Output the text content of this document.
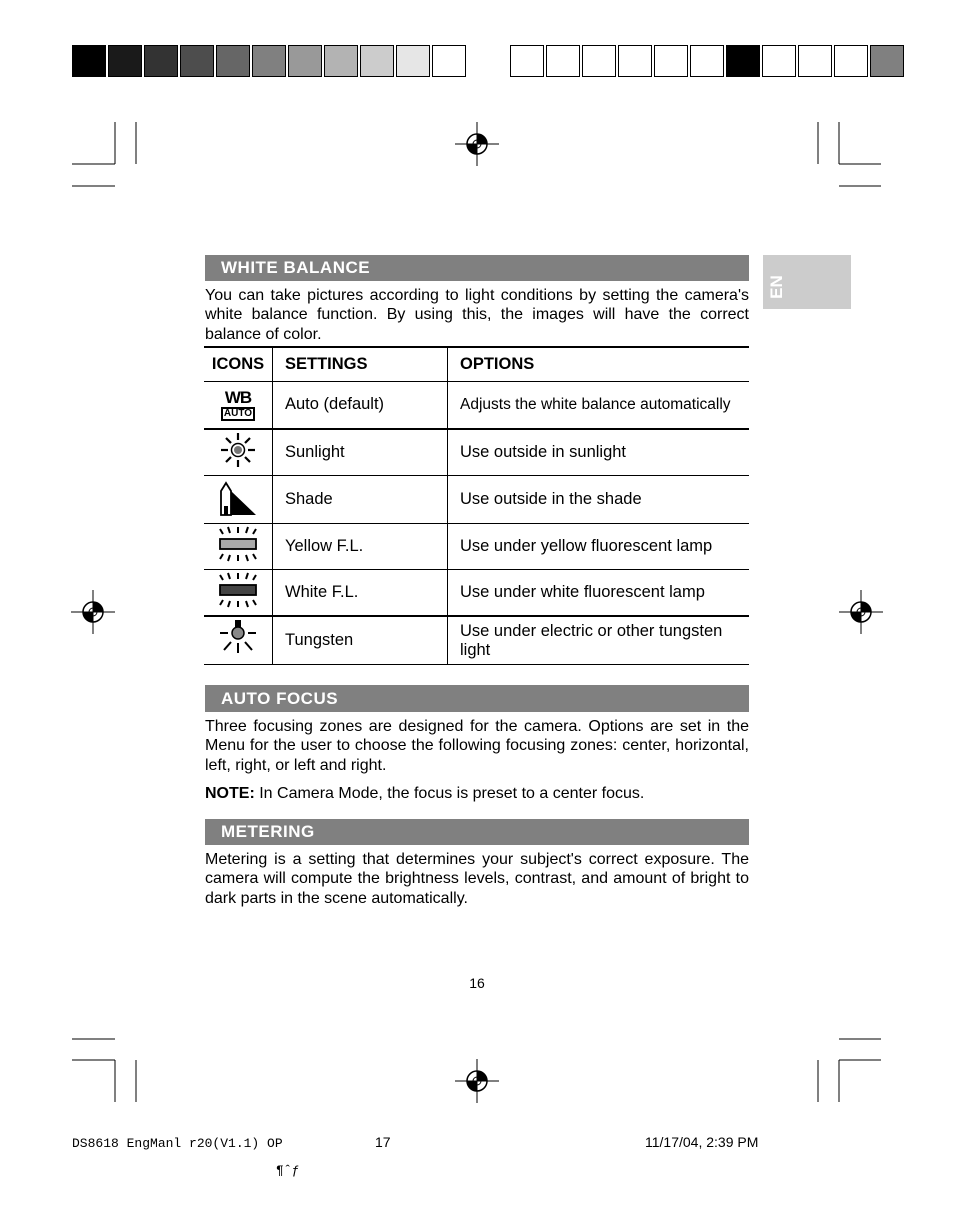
EN
WHITE BALANCE
You can take pictures according to light conditions by setting the camera's white balance function. By using this, the images will have the correct balance of color.
ICONS	SETTINGS	OPTIONS

WB
AUTO	Auto (default)	Adjusts the white balance automatically
	Sunlight	Use outside in sunlight
	Shade	Use outside in the shade
	Yellow F.L.	Use under yellow fluorescent lamp
	White F.L.	Use under white fluorescent lamp
	Tungsten	Use under electric or other tungsten light
AUTO FOCUS
Three focusing zones are designed for the camera. Options are set in the Menu for the user to choose the following focusing zones: center, horizontal, left, right, or left and right.
NOTE: In Camera Mode, the focus is preset to a center focus.
METERING
Metering is a setting that determines your subject's correct exposure. The camera will compute the brightness levels, contrast, and amount of bright to dark parts in the scene automatically.
16
DS8618 EngManl r20(V1.1) OP	17	11/17/04, 2:39 PM
¶ˆƒ
